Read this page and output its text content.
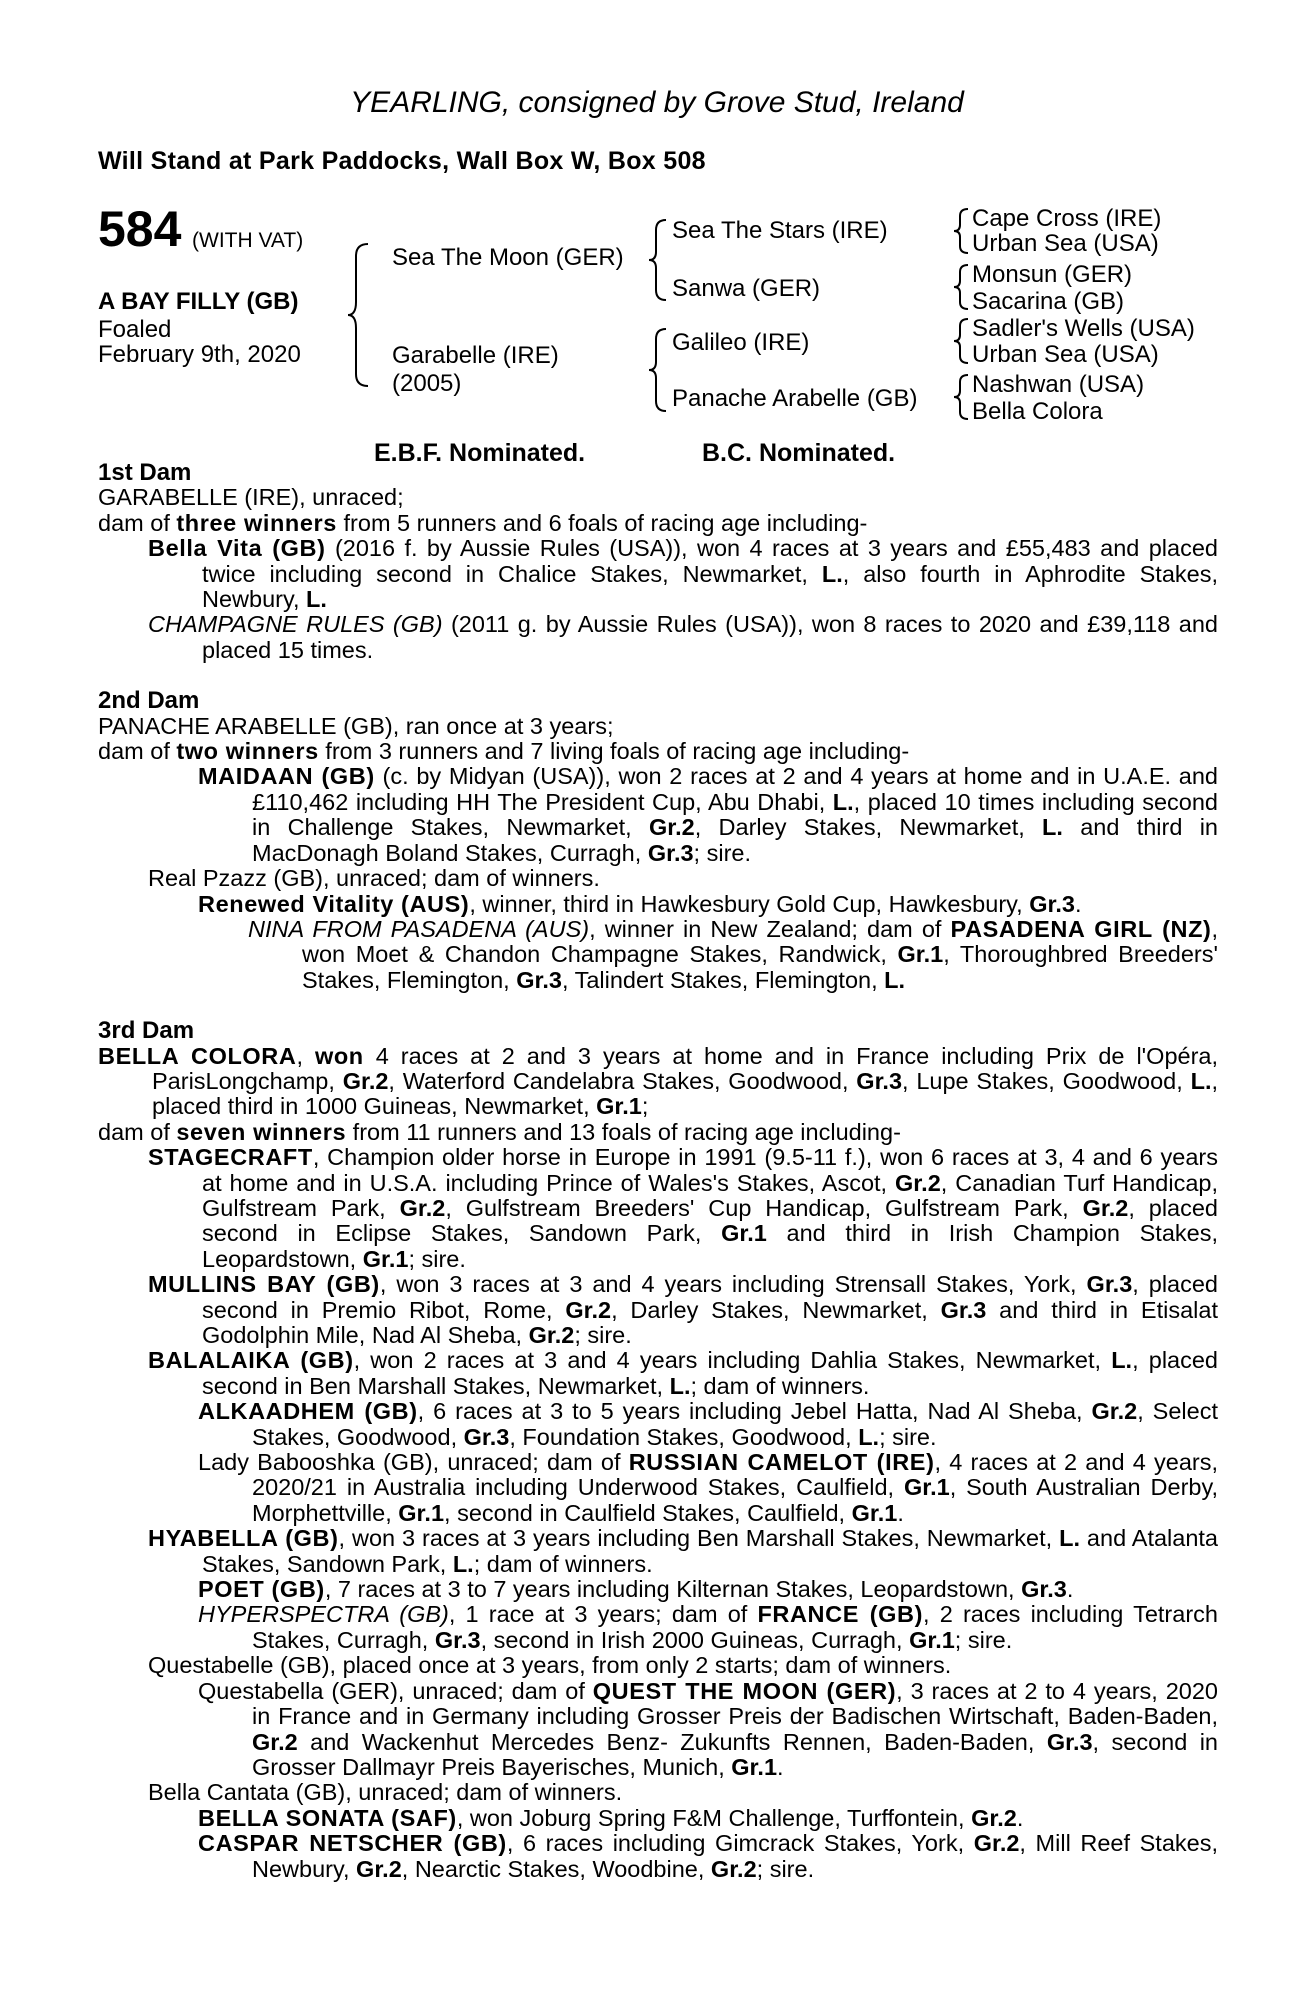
YEARLING, consigned by Grove Stud, Ireland
Will Stand at Park Paddocks, Wall Box W, Box 508
584 (WITH VAT)
A BAY FILLY (GB)
Foaled
February 9th, 2020
Sea The Moon (GER)
Garabelle (IRE)
(2005)
Sea The Stars (IRE)
Sanwa (GER)
Galileo (IRE)
Panache Arabelle (GB)
Cape Cross (IRE)
Urban Sea (USA)
Monsun (GER)
Sacarina (GB)
Sadler's Wells (USA)
Urban Sea (USA)
Nashwan (USA)
Bella Colora
E.B.F. Nominated.	B.C. Nominated.
1st Dam
GARABELLE (IRE), unraced;
dam of three winners from 5 runners and 6 foals of racing age including-
Bella Vita (GB) (2016 f. by Aussie Rules (USA)), won 4 races at 3 years and £55,483 and placed twice including second in Chalice Stakes, Newmarket, L., also fourth in Aphrodite Stakes, Newbury, L.
CHAMPAGNE RULES (GB) (2011 g. by Aussie Rules (USA)), won 8 races to 2020 and £39,118 and placed 15 times.
2nd Dam
PANACHE ARABELLE (GB), ran once at 3 years;
dam of two winners from 3 runners and 7 living foals of racing age including-
MAIDAAN (GB) (c. by Midyan (USA)), won 2 races at 2 and 4 years at home and in U.A.E. and £110,462 including HH The President Cup, Abu Dhabi, L., placed 10 times including second in Challenge Stakes, Newmarket, Gr.2, Darley Stakes, Newmarket, L. and third in MacDonagh Boland Stakes, Curragh, Gr.3; sire.
Real Pzazz (GB), unraced; dam of winners.
Renewed Vitality (AUS), winner, third in Hawkesbury Gold Cup, Hawkesbury, Gr.3.
NINA FROM PASADENA (AUS), winner in New Zealand; dam of PASADENA GIRL (NZ), won Moet & Chandon Champagne Stakes, Randwick, Gr.1, Thoroughbred Breeders' Stakes, Flemington, Gr.3, Talindert Stakes, Flemington, L.
3rd Dam
BELLA COLORA, won 4 races at 2 and 3 years at home and in France including Prix de l'Opéra, ParisLongchamp, Gr.2, Waterford Candelabra Stakes, Goodwood, Gr.3, Lupe Stakes, Goodwood, L., placed third in 1000 Guineas, Newmarket, Gr.1;
dam of seven winners from 11 runners and 13 foals of racing age including-
STAGECRAFT, Champion older horse in Europe in 1991 (9.5-11 f.), won 6 races at 3, 4 and 6 years at home and in U.S.A. including Prince of Wales's Stakes, Ascot, Gr.2, Canadian Turf Handicap, Gulfstream Park, Gr.2, Gulfstream Breeders' Cup Handicap, Gulfstream Park, Gr.2, placed second in Eclipse Stakes, Sandown Park, Gr.1 and third in Irish Champion Stakes, Leopardstown, Gr.1; sire.
MULLINS BAY (GB), won 3 races at 3 and 4 years including Strensall Stakes, York, Gr.3, placed second in Premio Ribot, Rome, Gr.2, Darley Stakes, Newmarket, Gr.3 and third in Etisalat Godolphin Mile, Nad Al Sheba, Gr.2; sire.
BALALAIKA (GB), won 2 races at 3 and 4 years including Dahlia Stakes, Newmarket, L., placed second in Ben Marshall Stakes, Newmarket, L.; dam of winners.
ALKAADHEM (GB), 6 races at 3 to 5 years including Jebel Hatta, Nad Al Sheba, Gr.2, Select Stakes, Goodwood, Gr.3, Foundation Stakes, Goodwood, L.; sire.
Lady Babooshka (GB), unraced; dam of RUSSIAN CAMELOT (IRE), 4 races at 2 and 4 years, 2020/21 in Australia including Underwood Stakes, Caulfield, Gr.1, South Australian Derby, Morphettville, Gr.1, second in Caulfield Stakes, Caulfield, Gr.1.
HYABELLA (GB), won 3 races at 3 years including Ben Marshall Stakes, Newmarket, L. and Atalanta Stakes, Sandown Park, L.; dam of winners.
POET (GB), 7 races at 3 to 7 years including Kilternan Stakes, Leopardstown, Gr.3.
HYPERSPECTRA (GB), 1 race at 3 years; dam of FRANCE (GB), 2 races including Tetrarch Stakes, Curragh, Gr.3, second in Irish 2000 Guineas, Curragh, Gr.1; sire.
Questabelle (GB), placed once at 3 years, from only 2 starts; dam of winners.
Questabella (GER), unraced; dam of QUEST THE MOON (GER), 3 races at 2 to 4 years, 2020 in France and in Germany including Grosser Preis der Badischen Wirtschaft, Baden-Baden, Gr.2 and Wackenhut Mercedes Benz- Zukunfts Rennen, Baden-Baden, Gr.3, second in Grosser Dallmayr Preis Bayerisches, Munich, Gr.1.
Bella Cantata (GB), unraced; dam of winners.
BELLA SONATA (SAF), won Joburg Spring F&M Challenge, Turffontein, Gr.2.
CASPAR NETSCHER (GB), 6 races including Gimcrack Stakes, York, Gr.2, Mill Reef Stakes, Newbury, Gr.2, Nearctic Stakes, Woodbine, Gr.2; sire.
